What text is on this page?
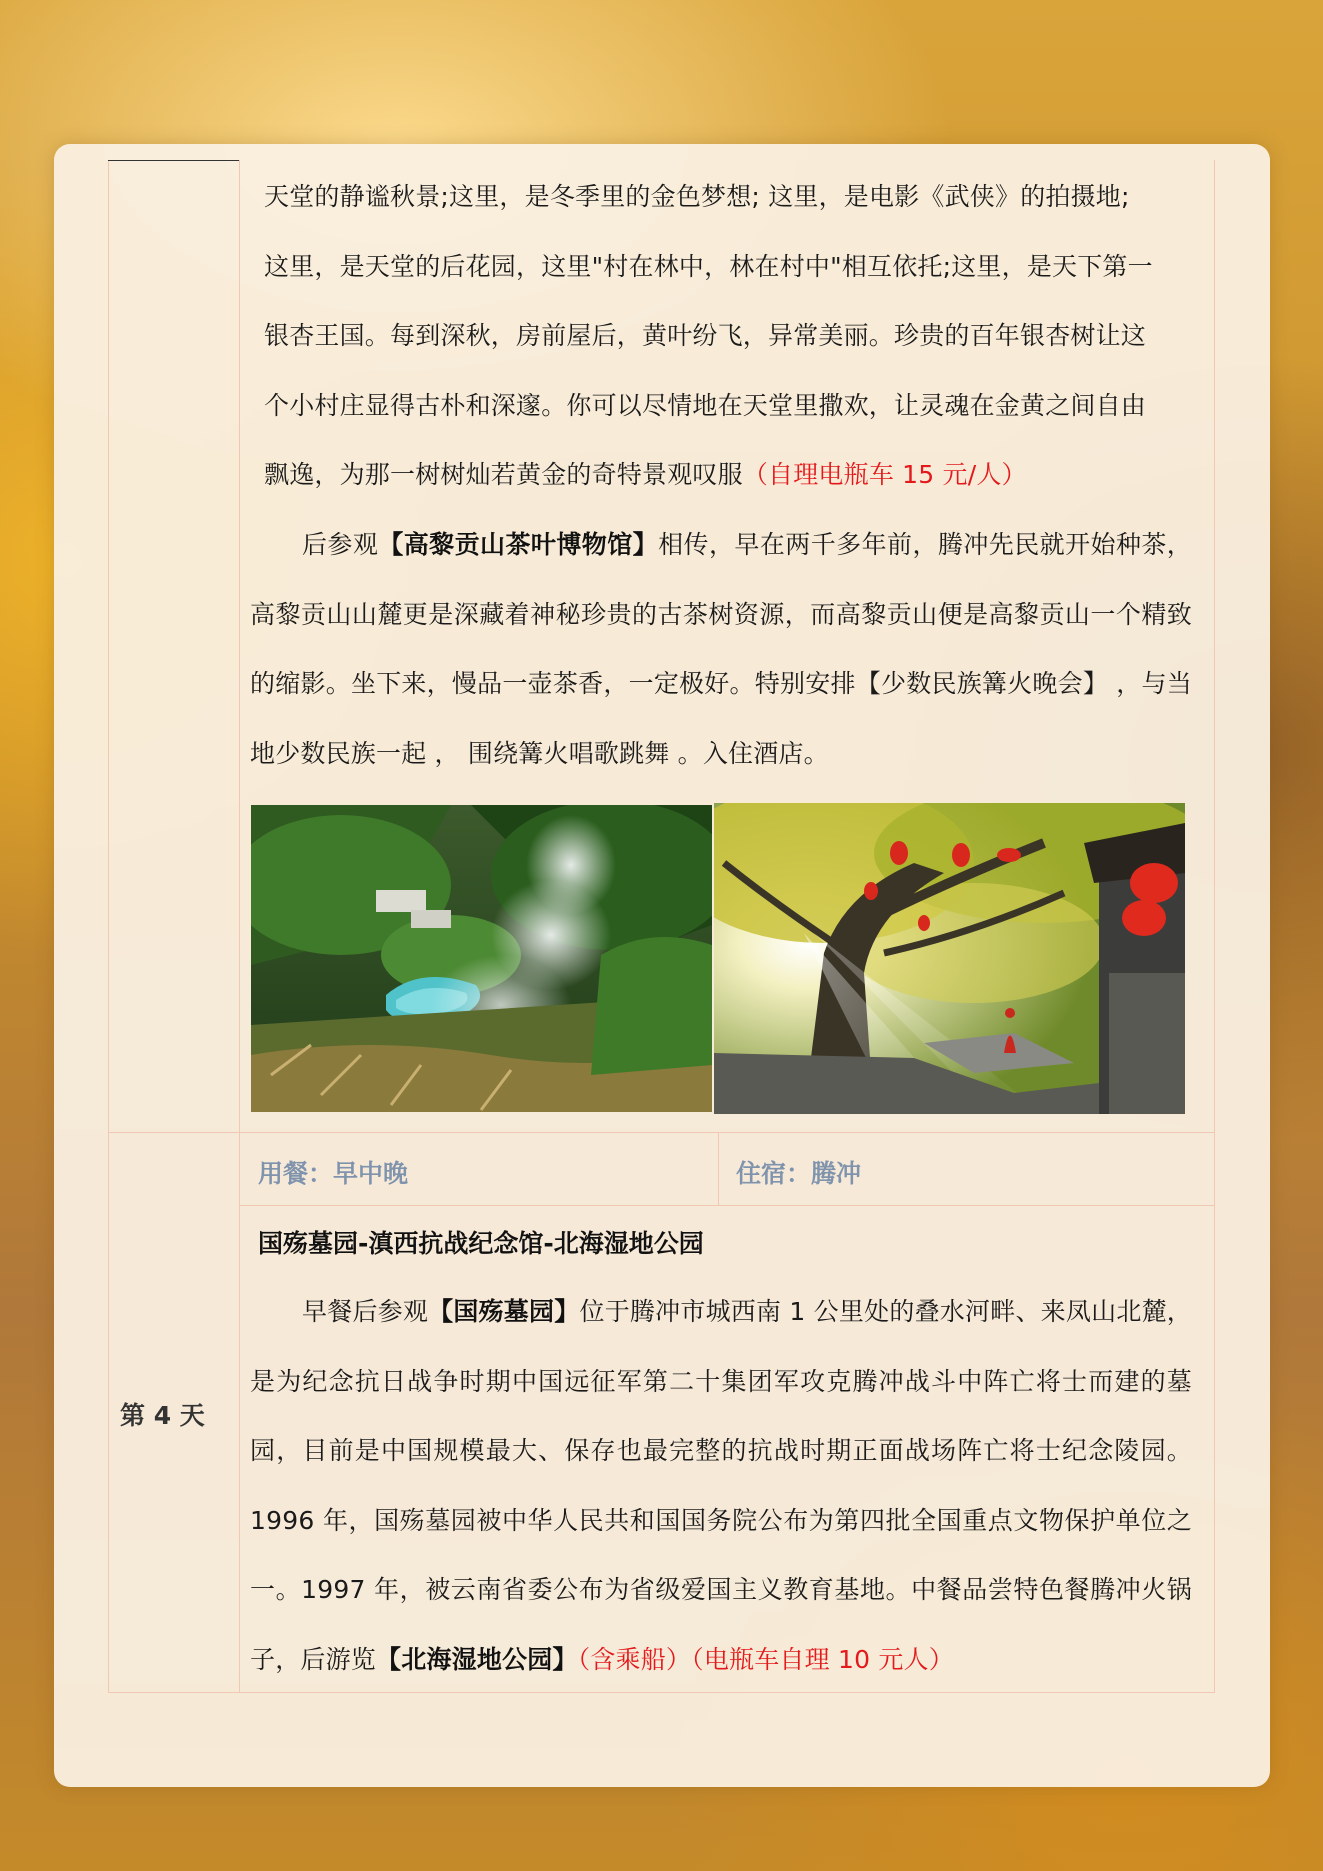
天堂的静谧秋景;这里，是冬季里的金色梦想; 这里，是电影《武侠》的拍摄地;
这里，是天堂的后花园，这里"村在林中，林在村中"相互依托;这里，是天下第一
银杏王国。每到深秋，房前屋后，黄叶纷飞，异常美丽。珍贵的百年银杏树让这
个小村庄显得古朴和深邃。你可以尽情地在天堂里撒欢，让灵魂在金黄之间自由
飘逸，为那一树树灿若黄金的奇特景观叹服（自理电瓶车 15 元/人）
后参观【高黎贡山茶叶博物馆】相传，早在两千多年前，腾冲先民就开始种茶，高黎贡山山麓更是深藏着神秘珍贵的古茶树资源，而高黎贡山便是高黎贡山一个精致的缩影。坐下来，慢品一壶茶香，一定极好。特别安排【少数民族篝火晚会】 ，与当地少数民族一起 ， 围绕篝火唱歌跳舞 。入住酒店。
用餐：早中晚	住宿：腾冲
第 4 天
国殇墓园-滇西抗战纪念馆-北海湿地公园
早餐后参观【国殇墓园】位于腾冲市城西南 1 公里处的叠水河畔、来凤山北麓，是为纪念抗日战争时期中国远征军第二十集团军攻克腾冲战斗中阵亡将士而建的墓园，目前是中国规模最大、保存也最完整的抗战时期正面战场阵亡将士纪念陵园。1996 年，国殇墓园被中华人民共和国国务院公布为第四批全国重点文物保护单位之一。1997 年，被云南省委公布为省级爱国主义教育基地。中餐品尝特色餐腾冲火锅子，后游览【北海湿地公园】（含乘船）（电瓶车自理 10 元人）
